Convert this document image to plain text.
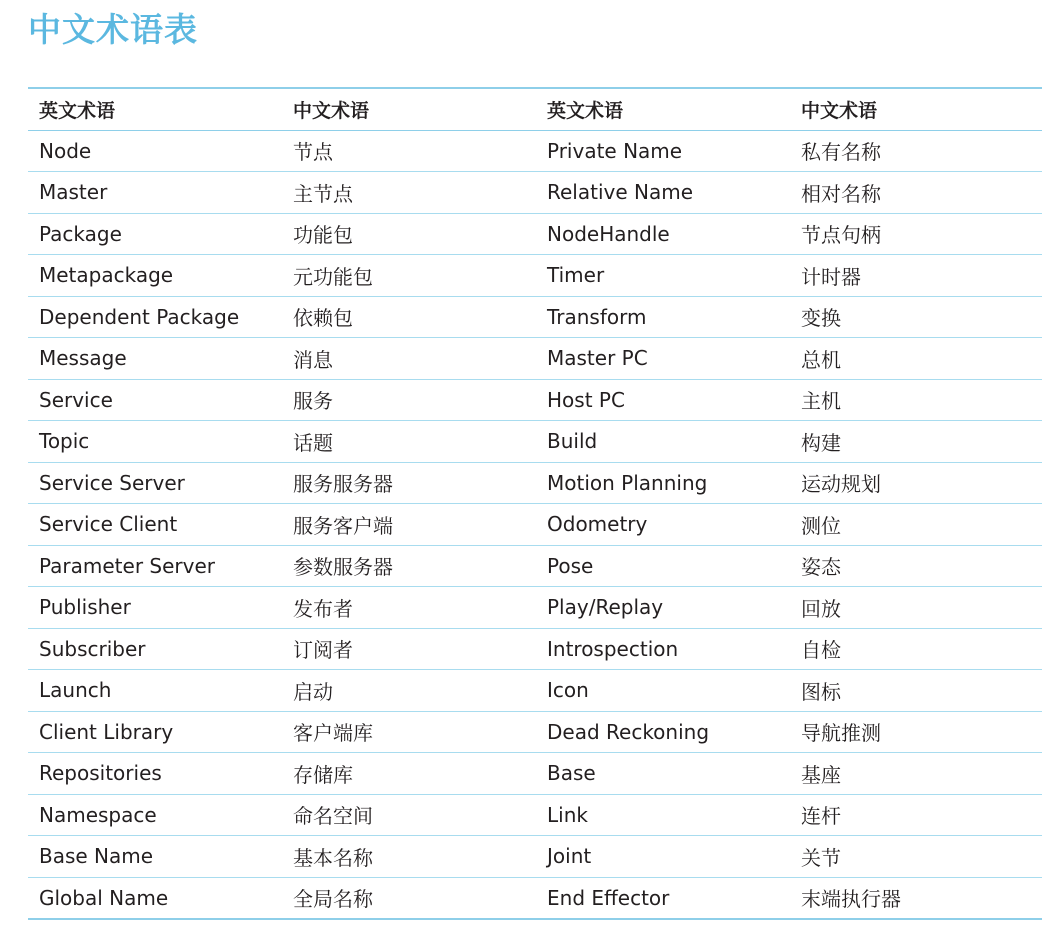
中文术语表
英文术语	中文术语	英文术语	中文术语
Node	节点	Private Name	私有名称
Master	主节点	Relative Name	相对名称
Package	功能包	NodeHandle	节点句柄
Metapackage	元功能包	Timer	计时器
Dependent Package	依赖包	Transform	变换
Message	消息	Master PC	总机
Service	服务	Host PC	主机
Topic	话题	Build	构建
Service Server	服务服务器	Motion Planning	运动规划
Service Client	服务客户端	Odometry	测位
Parameter Server	参数服务器	Pose	姿态
Publisher	发布者	Play/Replay	回放
Subscriber	订阅者	Introspection	自检
Launch	启动	Icon	图标
Client Library	客户端库	Dead Reckoning	导航推测
Repositories	存储库	Base	基座
Namespace	命名空间	Link	连杆
Base Name	基本名称	Joint	关节
Global Name	全局名称	End Effector	末端执行器
